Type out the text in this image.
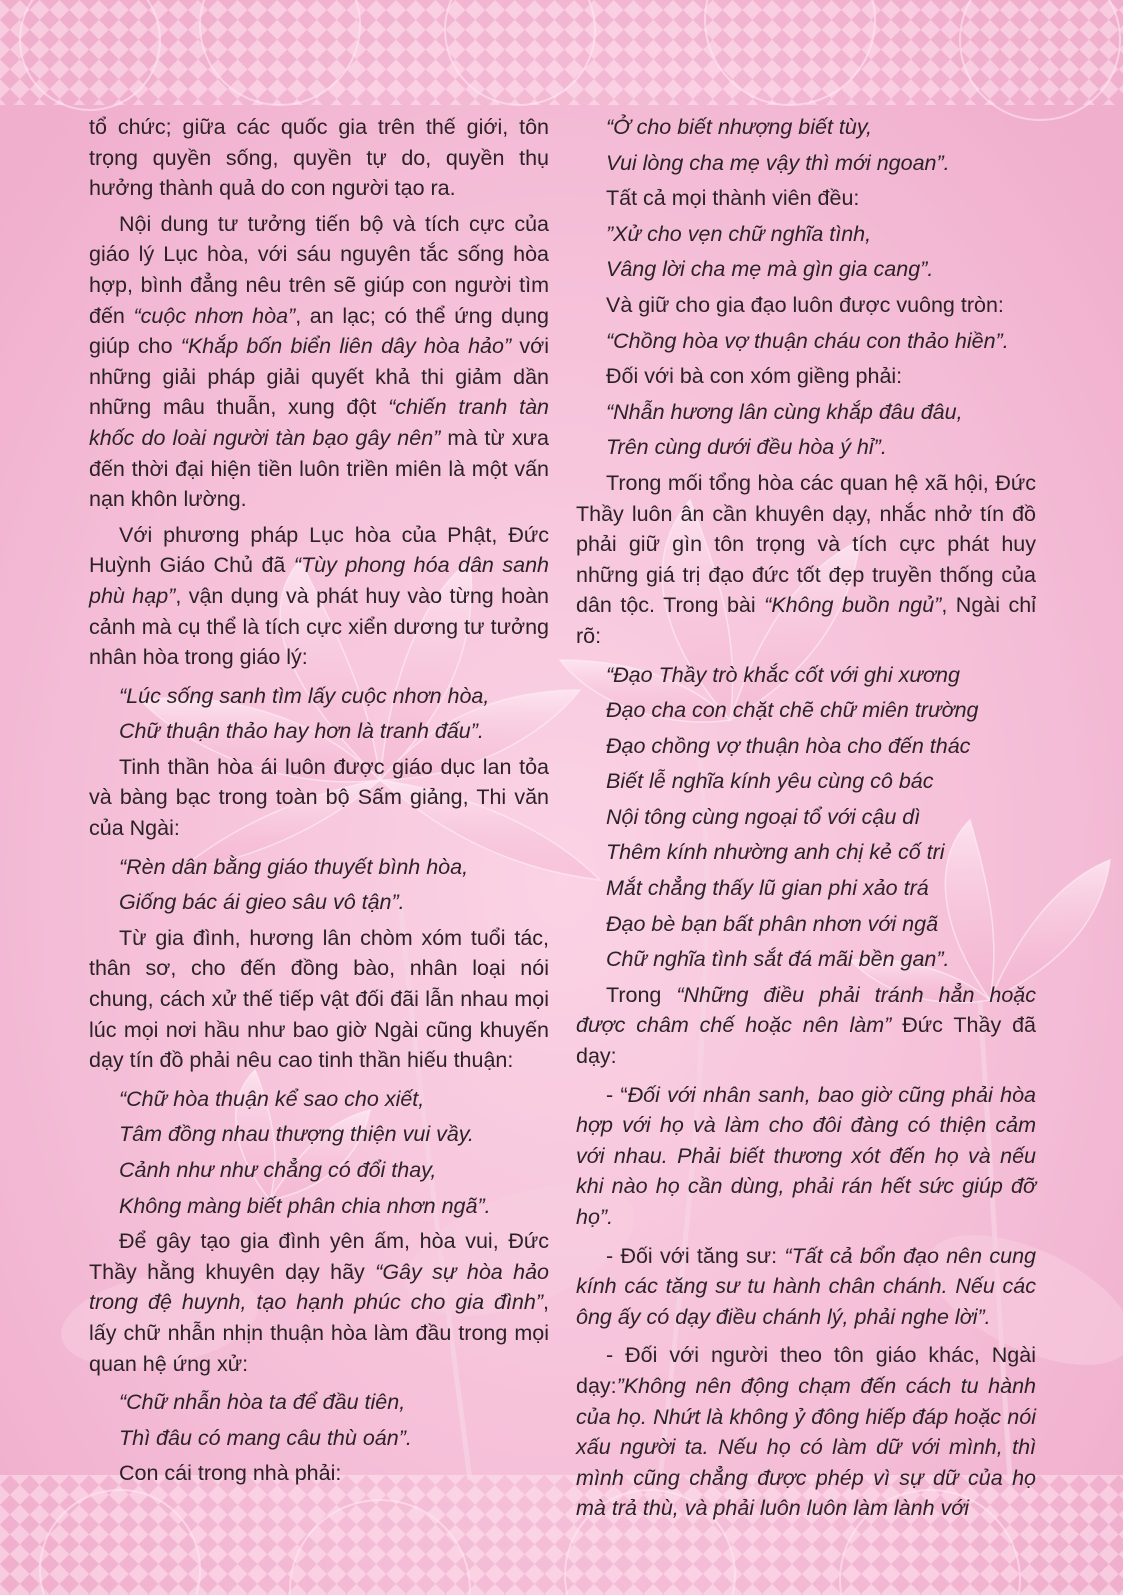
tổ chức; giữa các quốc gia trên thế giới, tôn trọng quyền sống, quyền tự do, quyền thụ hưởng thành quả do con người tạo ra.

Nội dung tư tưởng tiến bộ và tích cực của giáo lý Lục hòa, với sáu nguyên tắc sống hòa hợp, bình đẳng nêu trên sẽ giúp con người tìm đến “cuộc nhơn hòa”, an lạc; có thể ứng dụng giúp cho “Khắp bốn biển liên dây hòa hảo” với những giải pháp giải quyết khả thi giảm dần những mâu thuẫn, xung đột “chiến tranh tàn khốc do loài người tàn bạo gây nên” mà từ xưa đến thời đại hiện tiền luôn triền miên là một vấn nạn khôn lường.

Với phương pháp Lục hòa của Phật, Đức Huỳnh Giáo Chủ đã “Tùy phong hóa dân sanh phù hạp”, vận dụng và phát huy vào từng hoàn cảnh mà cụ thể là tích cực xiển dương tư tưởng nhân hòa trong giáo lý:

“Lúc sống sanh tìm lấy cuộc nhơn hòa,

Chữ thuận thảo hay hơn là tranh đấu”.

Tinh thần hòa ái luôn được giáo dục lan tỏa và bàng bạc trong toàn bộ Sấm giảng, Thi văn của Ngài:

“Rèn dân bằng giáo thuyết bình hòa,

Giống bác ái gieo sâu vô tận”.

Từ gia đình, hương lân chòm xóm tuổi tác, thân sơ, cho đến đồng bào, nhân loại nói chung, cách xử thế tiếp vật đối đãi lẫn nhau mọi lúc mọi nơi hầu như bao giờ Ngài cũng khuyến dạy tín đồ phải nêu cao tinh thần hiếu thuận:

“Chữ hòa thuận kể sao cho xiết,

Tâm đồng nhau thượng thiện vui vầy.

Cảnh như như chẳng có đổi thay,

Không màng biết phân chia nhơn ngã”.

Để gây tạo gia đình yên ấm, hòa vui, Đức Thầy hằng khuyên dạy hãy “Gây sự hòa hảo trong đệ huynh, tạo hạnh phúc cho gia đình”, lấy chữ nhẫn nhịn thuận hòa làm đầu trong mọi quan hệ ứng xử:

“Chữ nhẫn hòa ta để đầu tiên,

Thì đâu có mang câu thù oán”.

Con cái trong nhà phải:

“Ở cho biết nhượng biết tùy,

Vui lòng cha mẹ vậy thì mới ngoan”.

Tất cả mọi thành viên đều:

”Xử cho vẹn chữ nghĩa tình,

Vâng lời cha mẹ mà gìn gia cang”.

Và giữ cho gia đạo luôn được vuông tròn:

“Chồng hòa vợ thuận cháu con thảo hiền”.

Đối với bà con xóm giềng phải:

“Nhẫn hương lân cùng khắp đâu đâu,

Trên cùng dưới đều hòa ý hỉ”.

Trong mối tổng hòa các quan hệ xã hội, Đức Thầy luôn ân cần khuyên dạy, nhắc nhở tín đồ phải giữ gìn tôn trọng và tích cực phát huy những giá trị đạo đức tốt đẹp truyền thống của dân tộc. Trong bài “Không buồn ngủ”, Ngài chỉ rõ:

“Đạo Thầy trò khắc cốt với ghi xương

Đạo cha con chặt chẽ chữ miên trường

Đạo chồng vợ thuận hòa cho đến thác

Biết lễ nghĩa kính yêu cùng cô bác

Nội tông cùng ngoại tổ với cậu dì

Thêm kính nhường anh chị kẻ cố tri

Mắt chẳng thấy lũ gian phi xảo trá

Đạo bè bạn bất phân nhơn với ngã

Chữ nghĩa tình sắt đá mãi bền gan”.

Trong “Những điều phải tránh hẳn hoặc được châm chế hoặc nên làm” Đức Thầy đã dạy:

- “Đối với nhân sanh, bao giờ cũng phải hòa hợp với họ và làm cho đôi đàng có thiện cảm với nhau. Phải biết thương xót đến họ và nếu khi nào họ cần dùng, phải rán hết sức giúp đỡ họ”.

- Đối với tăng sư: “Tất cả bổn đạo nên cung kính các tăng sư tu hành chân chánh. Nếu các ông ấy có dạy điều chánh lý, phải nghe lời”.

- Đối với người theo tôn giáo khác, Ngài dạy:”Không nên động chạm đến cách tu hành của họ. Nhứt là không ỷ đông hiếp đáp hoặc nói xấu người ta. Nếu họ có làm dữ với mình, thì mình cũng chẳng được phép vì sự dữ của họ mà trả thù, và phải luôn luôn làm lành với
